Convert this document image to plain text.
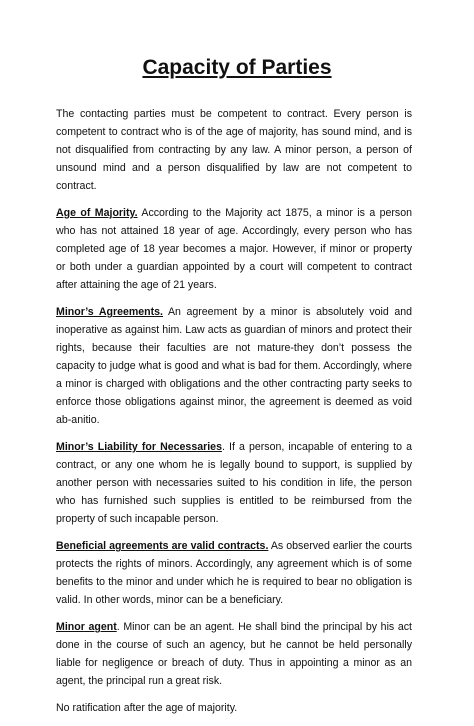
Capacity of Parties

The contacting parties must be competent to contract. Every person is competent to contract who is of the age of majority, has sound mind, and is not disqualified from contracting by any law. A minor person, a person of unsound mind and a person disqualified by law are not competent to contract.

Age of Majority. According to the Majority act 1875, a minor is a person who has not attained 18 year of age. Accordingly, every person who has completed age of 18 year becomes a major. However, if minor or property or both under a guardian appointed by a court will competent to contract after attaining the age of 21 years.

Minor’s Agreements. An agreement by a minor is absolutely void and inoperative as against him. Law acts as guardian of minors and protect their rights, because their faculties are not mature-they don’t possess the capacity to judge what is good and what is bad for them. Accordingly, where a minor is charged with obligations and the other contracting party seeks to enforce those obligations against minor, the agreement is deemed as void ab-anitio.

Minor’s Liability for Necessaries. If a person, incapable of entering to a contract, or any one whom he is legally bound to support, is supplied by another person with necessaries suited to his condition in life, the person who has furnished such supplies is entitled to be reimbursed from the property of such incapable person.

Beneficial agreements are valid contracts. As observed earlier the courts protects the rights of minors. Accordingly, any agreement which is of some benefits to the minor and under which he is required to bear no obligation is valid. In other words, minor can be a beneficiary.

Minor agent. Minor can be an agent. He shall bind the principal by his act done in the course of such an agency, but he cannot be held personally liable for negligence or breach of duty. Thus in appointing a minor as an agent, the principal run a great risk.

No ratification after the age of majority.
